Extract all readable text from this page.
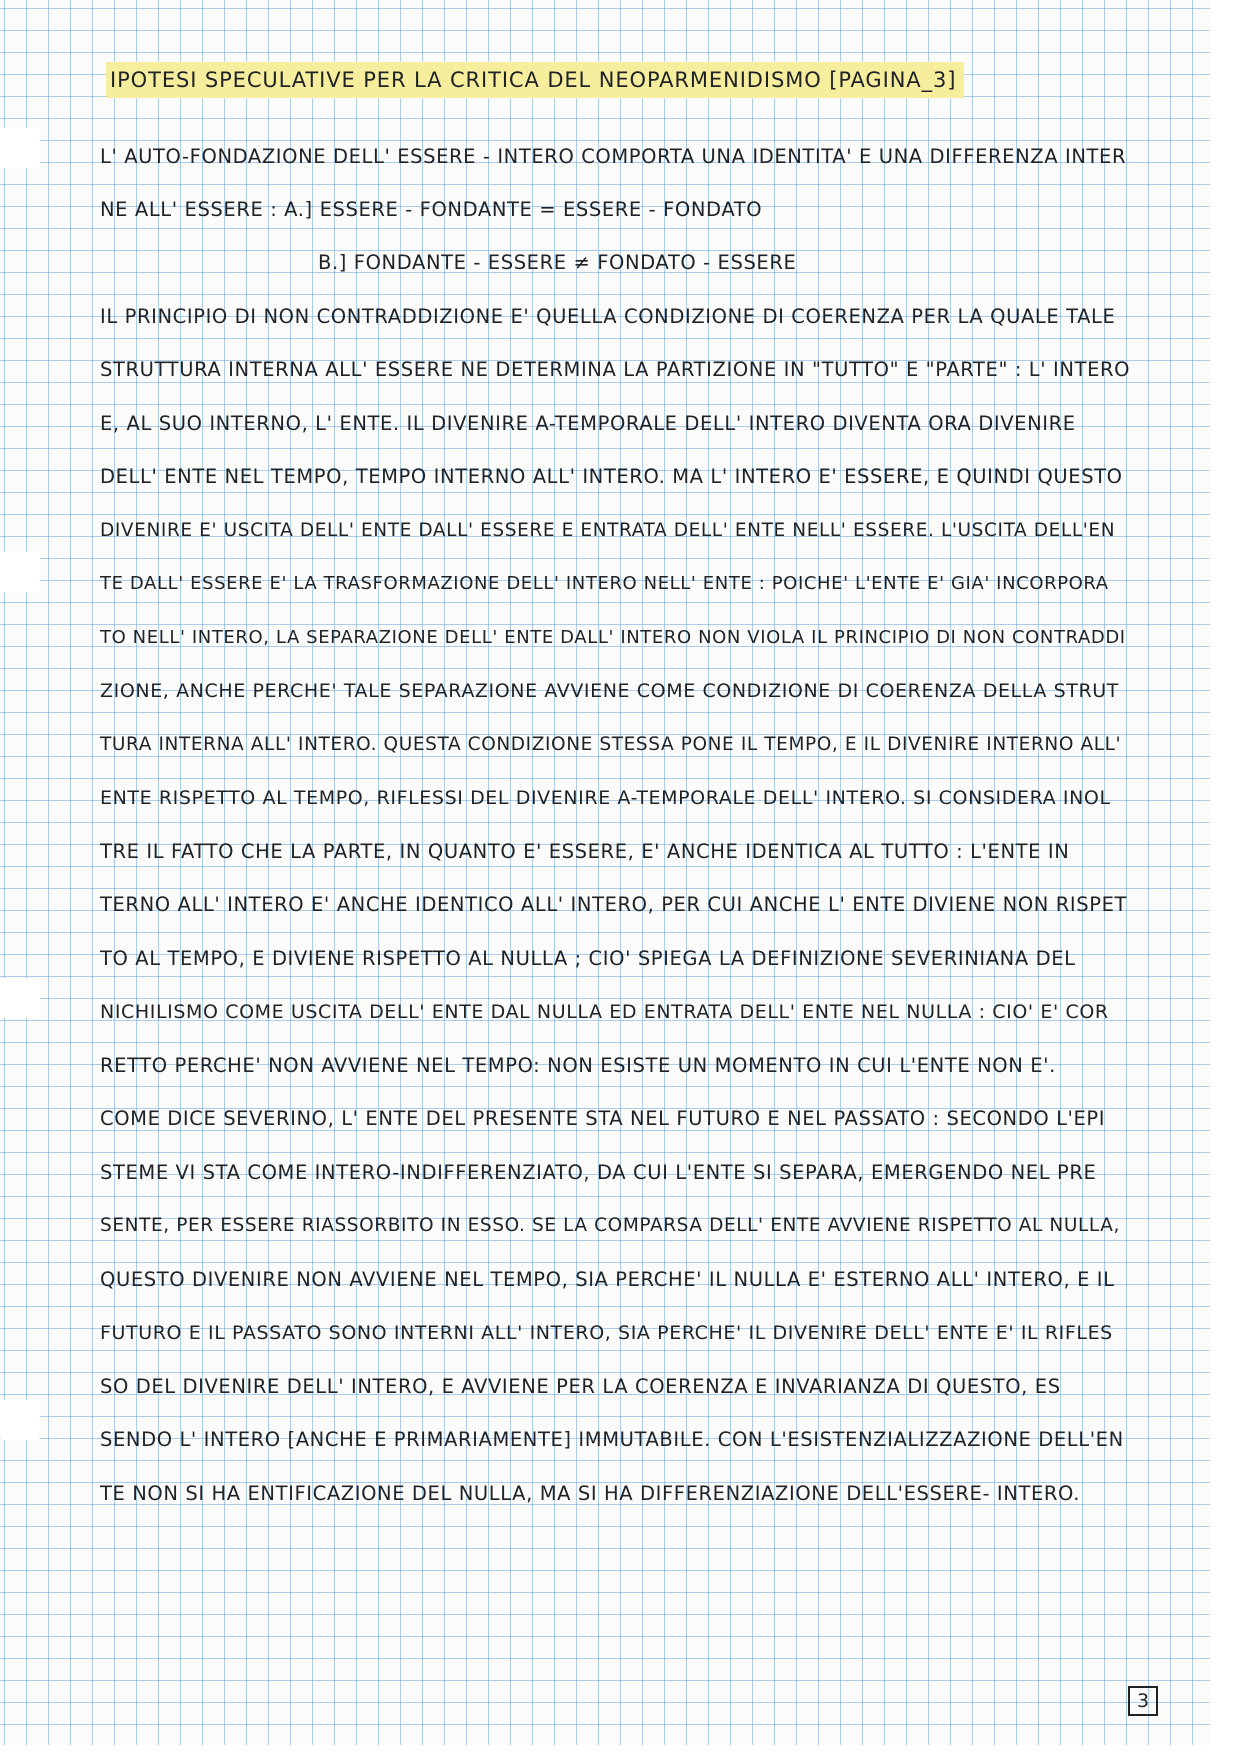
IPOTESI SPECULATIVE PER LA CRITICA DEL NEOPARMENIDISMO [PAGINA_3]
L' AUTO-FONDAZIONE DELL' ESSERE - INTERO COMPORTA UNA IDENTITA' E UNA DIFFERENZA INTER
NE ALL' ESSERE : A.] ESSERE - FONDANTE = ESSERE - FONDATO
B.] FONDANTE - ESSERE ≠ FONDATO - ESSERE
IL PRINCIPIO DI NON CONTRADDIZIONE E' QUELLA CONDIZIONE DI COERENZA PER LA QUALE TALE
STRUTTURA INTERNA ALL' ESSERE NE DETERMINA LA PARTIZIONE IN "TUTTO" E "PARTE" : L' INTERO
E, AL SUO INTERNO, L' ENTE. IL DIVENIRE A-TEMPORALE DELL' INTERO DIVENTA ORA DIVENIRE
DELL' ENTE NEL TEMPO, TEMPO INTERNO ALL' INTERO. MA L' INTERO E' ESSERE, E QUINDI QUESTO
DIVENIRE E' USCITA DELL' ENTE DALL' ESSERE E ENTRATA DELL' ENTE NELL' ESSERE. L'USCITA DELL'EN
TE DALL' ESSERE E' LA TRASFORMAZIONE DELL' INTERO NELL' ENTE : POICHE' L'ENTE E' GIA' INCORPORA
TO NELL' INTERO, LA SEPARAZIONE DELL' ENTE DALL' INTERO NON VIOLA IL PRINCIPIO DI NON CONTRADDI
ZIONE, ANCHE PERCHE' TALE SEPARAZIONE AVVIENE COME CONDIZIONE DI COERENZA DELLA STRUT
TURA INTERNA ALL' INTERO. QUESTA CONDIZIONE STESSA PONE IL TEMPO, E IL DIVENIRE INTERNO ALL'
ENTE RISPETTO AL TEMPO, RIFLESSI DEL DIVENIRE A-TEMPORALE DELL' INTERO. SI CONSIDERA INOL
TRE IL FATTO CHE LA PARTE, IN QUANTO E' ESSERE, E' ANCHE IDENTICA AL TUTTO : L'ENTE IN
TERNO ALL' INTERO E' ANCHE IDENTICO ALL' INTERO, PER CUI ANCHE L' ENTE DIVIENE NON RISPET
TO AL TEMPO, E DIVIENE RISPETTO AL NULLA ; CIO' SPIEGA LA DEFINIZIONE SEVERINIANA DEL
NICHILISMO COME USCITA DELL' ENTE DAL NULLA ED ENTRATA DELL' ENTE NEL NULLA : CIO' E' COR
RETTO PERCHE' NON AVVIENE NEL TEMPO: NON ESISTE UN MOMENTO IN CUI L'ENTE NON E'.
COME DICE SEVERINO, L' ENTE DEL PRESENTE STA NEL FUTURO E NEL PASSATO : SECONDO L'EPI
STEME VI STA COME INTERO-INDIFFERENZIATO, DA CUI L'ENTE SI SEPARA, EMERGENDO NEL PRE
SENTE, PER ESSERE RIASSORBITO IN ESSO. SE LA COMPARSA DELL' ENTE AVVIENE RISPETTO AL NULLA,
QUESTO DIVENIRE NON AVVIENE NEL TEMPO, SIA PERCHE' IL NULLA E' ESTERNO ALL' INTERO, E IL
FUTURO E IL PASSATO SONO INTERNI ALL' INTERO, SIA PERCHE' IL DIVENIRE DELL' ENTE E' IL RIFLES
SO DEL DIVENIRE DELL' INTERO, E AVVIENE PER LA COERENZA E INVARIANZA DI QUESTO, ES
SENDO L' INTERO [ANCHE E PRIMARIAMENTE] IMMUTABILE. CON L'ESISTENZIALIZZAZIONE DELL'EN
TE NON SI HA ENTIFICAZIONE DEL NULLA, MA SI HA DIFFERENZIAZIONE DELL'ESSERE- INTERO.
3
